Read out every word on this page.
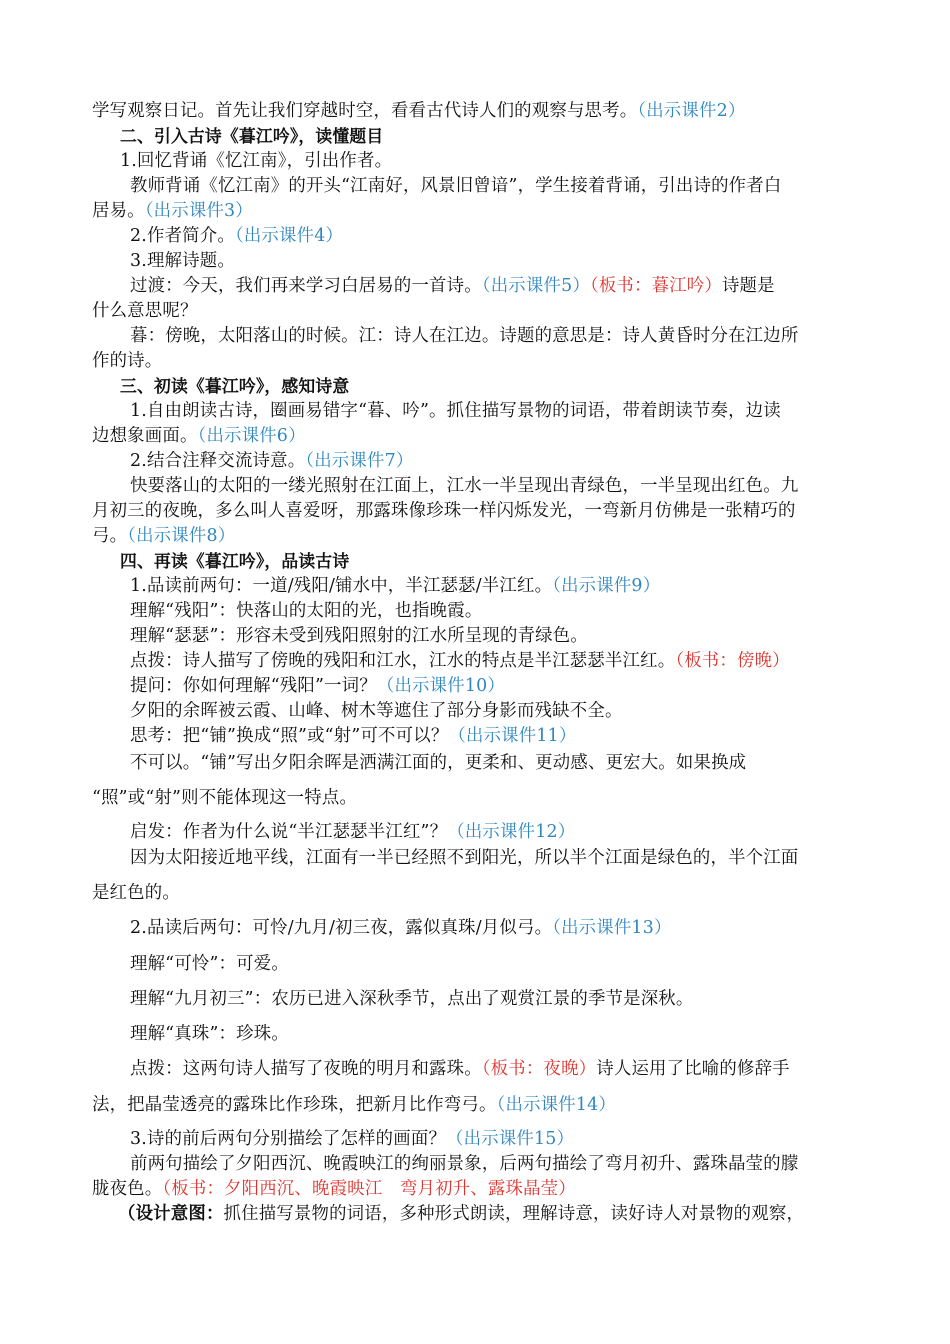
学写观察日记。首先让我们穿越时空，看看古代诗人们的观察与思考。（出示课件2）
二、引入古诗《暮江吟》，读懂题目
1.回忆背诵《忆江南》，引出作者。
教师背诵《忆江南》的开头“江南好，风景旧曾谙”，学生接着背诵，引出诗的作者白
居易。（出示课件3）
2.作者简介。（出示课件4）
3.理解诗题。
过渡：今天，我们再来学习白居易的一首诗。（出示课件5）（板书：暮江吟）诗题是
什么意思呢？
暮：傍晚，太阳落山的时候。江：诗人在江边。诗题的意思是：诗人黄昏时分在江边所
作的诗。
三、初读《暮江吟》，感知诗意
1.自由朗读古诗，圈画易错字“暮、吟”。抓住描写景物的词语，带着朗读节奏，边读
边想象画面。（出示课件6）
2.结合注释交流诗意。（出示课件7）
快要落山的太阳的一缕光照射在江面上，江水一半呈现出青绿色，一半呈现出红色。九
月初三的夜晚，多么叫人喜爱呀，那露珠像珍珠一样闪烁发光，一弯新月仿佛是一张精巧的
弓。（出示课件8）
四、再读《暮江吟》，品读古诗
1.品读前两句：一道/残阳/铺水中，半江瑟瑟/半江红。（出示课件9）
理解“残阳”：快落山的太阳的光，也指晚霞。
理解“瑟瑟”：形容未受到残阳照射的江水所呈现的青绿色。
点拨：诗人描写了傍晚的残阳和江水，江水的特点是半江瑟瑟半江红。（板书：傍晚）
提问：你如何理解“残阳”一词？（出示课件10）
夕阳的余晖被云霞、山峰、树木等遮住了部分身影而残缺不全。
思考：把“铺”换成“照”或“射”可不可以？（出示课件11）
不可以。“铺”写出夕阳余晖是洒满江面的，更柔和、更动感、更宏大。如果换成
“照”或“射”则不能体现这一特点。
启发：作者为什么说“半江瑟瑟半江红”？（出示课件12）
因为太阳接近地平线，江面有一半已经照不到阳光，所以半个江面是绿色的，半个江面
是红色的。
2.品读后两句：可怜/九月/初三夜，露似真珠/月似弓。（出示课件13）
理解“可怜”：可爱。
理解“九月初三”：农历已进入深秋季节，点出了观赏江景的季节是深秋。
理解“真珠”：珍珠。
点拨：这两句诗人描写了夜晚的明月和露珠。（板书：夜晚）诗人运用了比喻的修辞手
法，把晶莹透亮的露珠比作珍珠，把新月比作弯弓。（出示课件14）
3.诗的前后两句分别描绘了怎样的画面？（出示课件15）
前两句描绘了夕阳西沉、晚霞映江的绚丽景象，后两句描绘了弯月初升、露珠晶莹的朦
胧夜色。（板书：夕阳西沉、晚霞映江　弯月初升、露珠晶莹）
（设计意图：抓住描写景物的词语，多种形式朗读，理解诗意，读好诗人对景物的观察，
